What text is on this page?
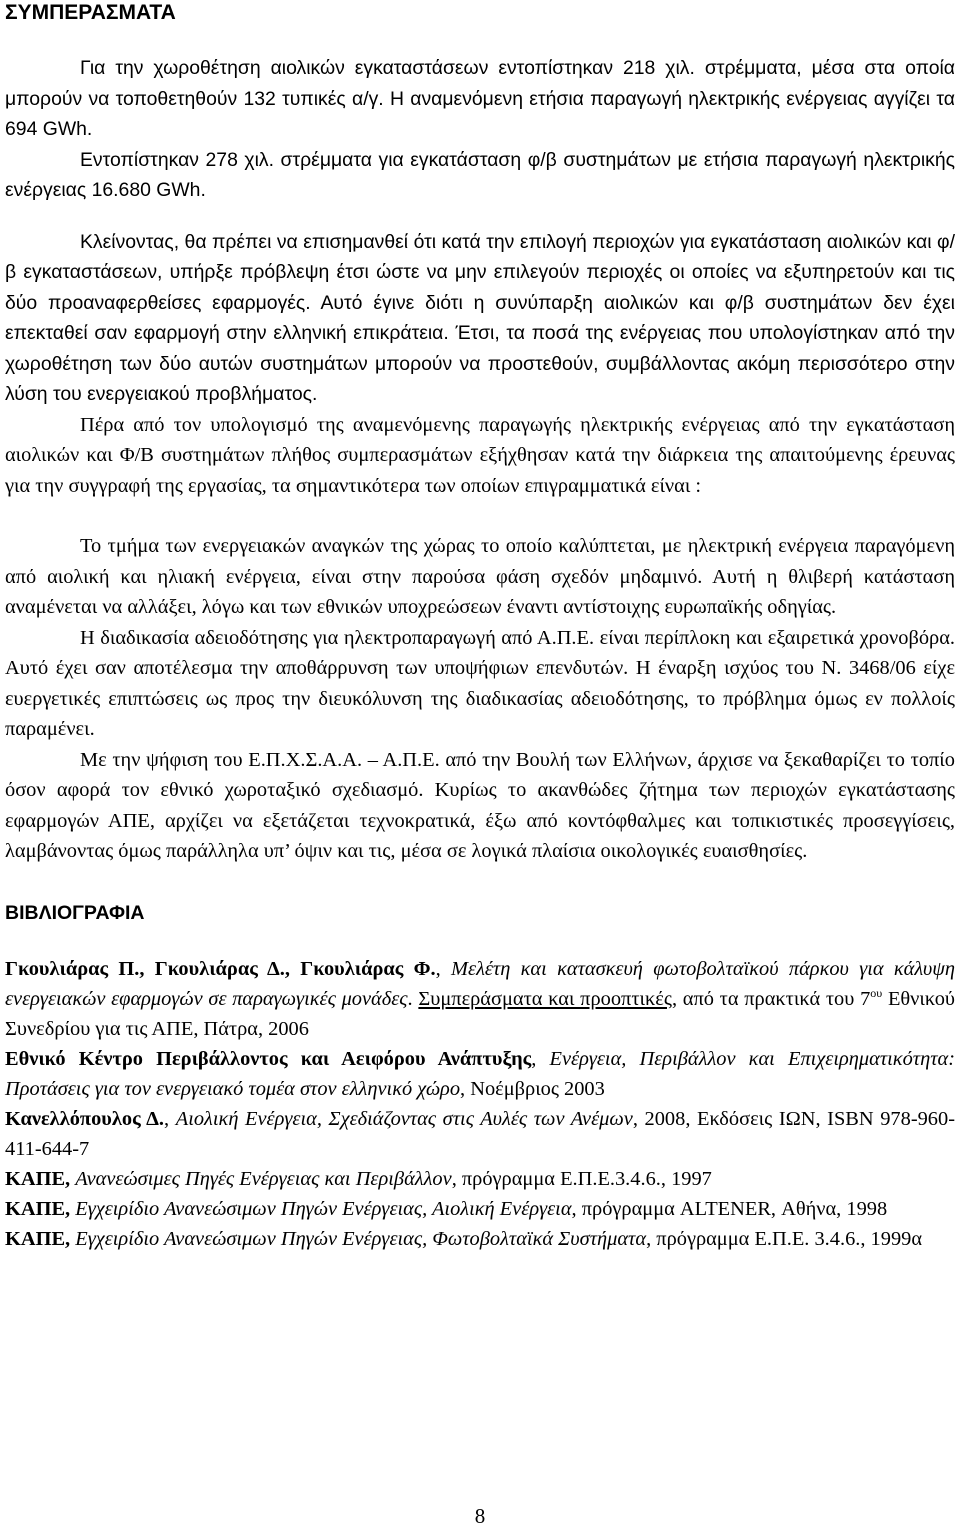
ΣΥΜΠΕΡΑΣΜΑΤΑ

Για την χωροθέτηση αιολικών εγκαταστάσεων εντοπίστηκαν 218 χιλ. στρέμματα, μέσα στα οποία μπορούν να τοποθετηθούν 132 τυπικές α/γ. Η αναμενόμενη ετήσια παραγωγή ηλεκτρικής ενέργειας αγγίζει τα 694 GWh.

Εντοπίστηκαν 278 χιλ. στρέμματα για εγκατάσταση φ/β συστημάτων με ετήσια παραγωγή ηλεκτρικής ενέργειας 16.680 GWh.

Κλείνοντας, θα πρέπει να επισημανθεί ότι κατά την επιλογή περιοχών για εγκατάσταση αιολικών και φ/β εγκαταστάσεων, υπήρξε πρόβλεψη έτσι ώστε να μην επιλεγούν περιοχές οι οποίες να εξυπηρετούν και τις δύο προαναφερθείσες εφαρμογές. Αυτό έγινε διότι η συνύπαρξη αιολικών και φ/β συστημάτων δεν έχει επεκταθεί σαν εφαρμογή στην ελληνική επικράτεια. Έτσι, τα ποσά της ενέργειας που υπολογίστηκαν από την χωροθέτηση των δύο αυτών συστημάτων μπορούν να προστεθούν, συμβάλλοντας ακόμη περισσότερο στην λύση του ενεργειακού προβλήματος.

Πέρα από τον υπολογισμό της αναμενόμενης παραγωγής ηλεκτρικής ενέργειας από την εγκατάσταση αιολικών και Φ/Β συστημάτων πλήθος συμπερασμάτων εξήχθησαν κατά την διάρκεια της απαιτούμενης έρευνας για την συγγραφή της εργασίας, τα σημαντικότερα των οποίων επιγραμματικά είναι :

Το τμήμα των ενεργειακών αναγκών της χώρας το οποίο καλύπτεται, με ηλεκτρική ενέργεια παραγόμενη από αιολική και ηλιακή ενέργεια, είναι στην παρούσα φάση σχεδόν μηδαμινό. Αυτή η θλιβερή κατάσταση αναμένεται να αλλάξει, λόγω και των εθνικών υποχρεώσεων έναντι αντίστοιχης ευρωπαϊκής οδηγίας.

Η διαδικασία αδειοδότησης για ηλεκτροπαραγωγή από Α.Π.Ε. είναι περίπλοκη και εξαιρετικά χρονοβόρα. Αυτό έχει σαν αποτέλεσμα την αποθάρρυνση των υποψήφιων επενδυτών. Η έναρξη ισχύος του Ν. 3468/06 είχε ευεργετικές επιπτώσεις ως προς την διευκόλυνση της διαδικασίας αδειοδότησης, το πρόβλημα όμως εν πολλοίς παραμένει.

Με την ψήφιση του Ε.Π.Χ.Σ.Α.Α. – Α.Π.Ε. από την Βουλή των Ελλήνων, άρχισε να ξεκαθαρίζει το τοπίο όσον αφορά τον εθνικό χωροταξικό σχεδιασμό. Κυρίως το ακανθώδες ζήτημα των περιοχών εγκατάστασης εφαρμογών ΑΠΕ, αρχίζει να εξετάζεται τεχνοκρατικά, έξω από κοντόφθαλμες και τοπικιστικές προσεγγίσεις, λαμβάνοντας όμως παράλληλα υπ’ όψιν και τις, μέσα σε λογικά πλαίσια οικολογικές ευαισθησίες.

ΒΙΒΛΙΟΓΡΑΦΙΑ

Γκουλιάρας Π., Γκουλιάρας Δ., Γκουλιάρας Φ., Μελέτη και κατασκευή φωτοβολταϊκού πάρκου για κάλυψη ενεργειακών εφαρμογών σε παραγωγικές μονάδες. Συμπεράσματα και προοπτικές, από τα πρακτικά του $7^{o\upsilon}$ Εθνικού Συνεδρίου για τις ΑΠΕ, Πάτρα, 2006

Εθνικό Κέντρο Περιβάλλοντος και Αειφόρου Ανάπτυξης, Ενέργεια, Περιβάλλον και Επιχειρηματικότητα: Προτάσεις για τον ενεργειακό τομέα στον ελληνικό χώρο, Νοέμβριος 2003

Κανελλόπουλος Δ., Αιολική Ενέργεια, Σχεδιάζοντας στις Αυλές των Ανέμων, 2008, Εκδόσεις ΙΩΝ, ISBN 978-960-411-644-7

ΚΑΠΕ, Ανανεώσιμες Πηγές Ενέργειας και Περιβάλλον, πρόγραμμα Ε.Π.Ε.3.4.6., 1997

ΚΑΠΕ, Εγχειρίδιο Ανανεώσιμων Πηγών Ενέργειας, Αιολική Ενέργεια, πρόγραμμα ALTENER, Αθήνα, 1998

ΚΑΠΕ, Εγχειρίδιο Ανανεώσιμων Πηγών Ενέργειας, Φωτοβολταϊκά Συστήματα, πρόγραμμα Ε.Π.Ε. 3.4.6., 1999α

8
